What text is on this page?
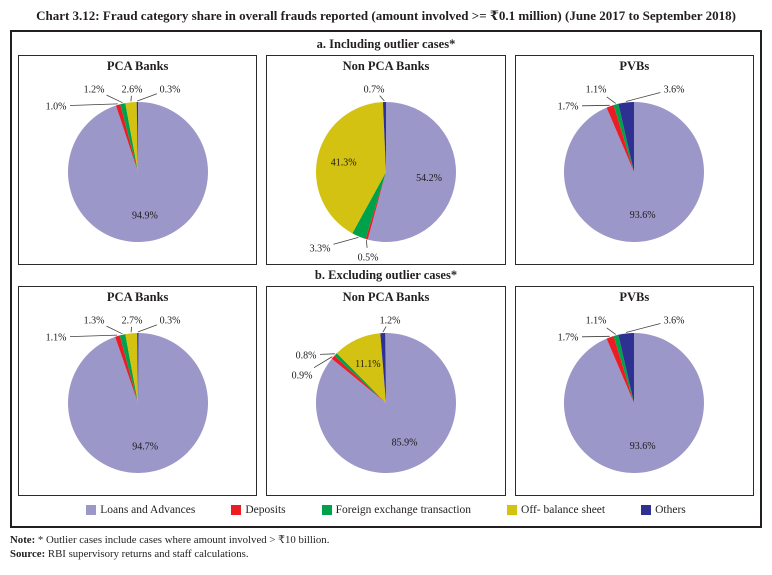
Chart 3.12: Fraud category share in overall frauds reported (amount involved >= ₹0.1 million) (June 2017 to September 2018)
a. Including outlier cases*
PCA Banks
94.9%
1.0%
1.2% 2.6% 0.3%
Non PCA Banks
54.2%
0.5%
3.3%
41.3%
0.7%
PVBs
93.6%
1.7%
1.1%	3.6%
b. Excluding outlier cases*
PCA Banks
94.7%
1.1%
1.3% 2.7% 0.3%
Non PCA Banks
85.9%
0.9%
0.8%
11.1%
1.2%
PVBs
93.6%
1.7%
1.1%	3.6%
Loans and Advances	Deposits	Foreign exchange transaction	Off- balance sheet	Others
Note: * Outlier cases include cases where amount involved > ₹10 billion.
Source: RBI supervisory returns and staff calculations.
